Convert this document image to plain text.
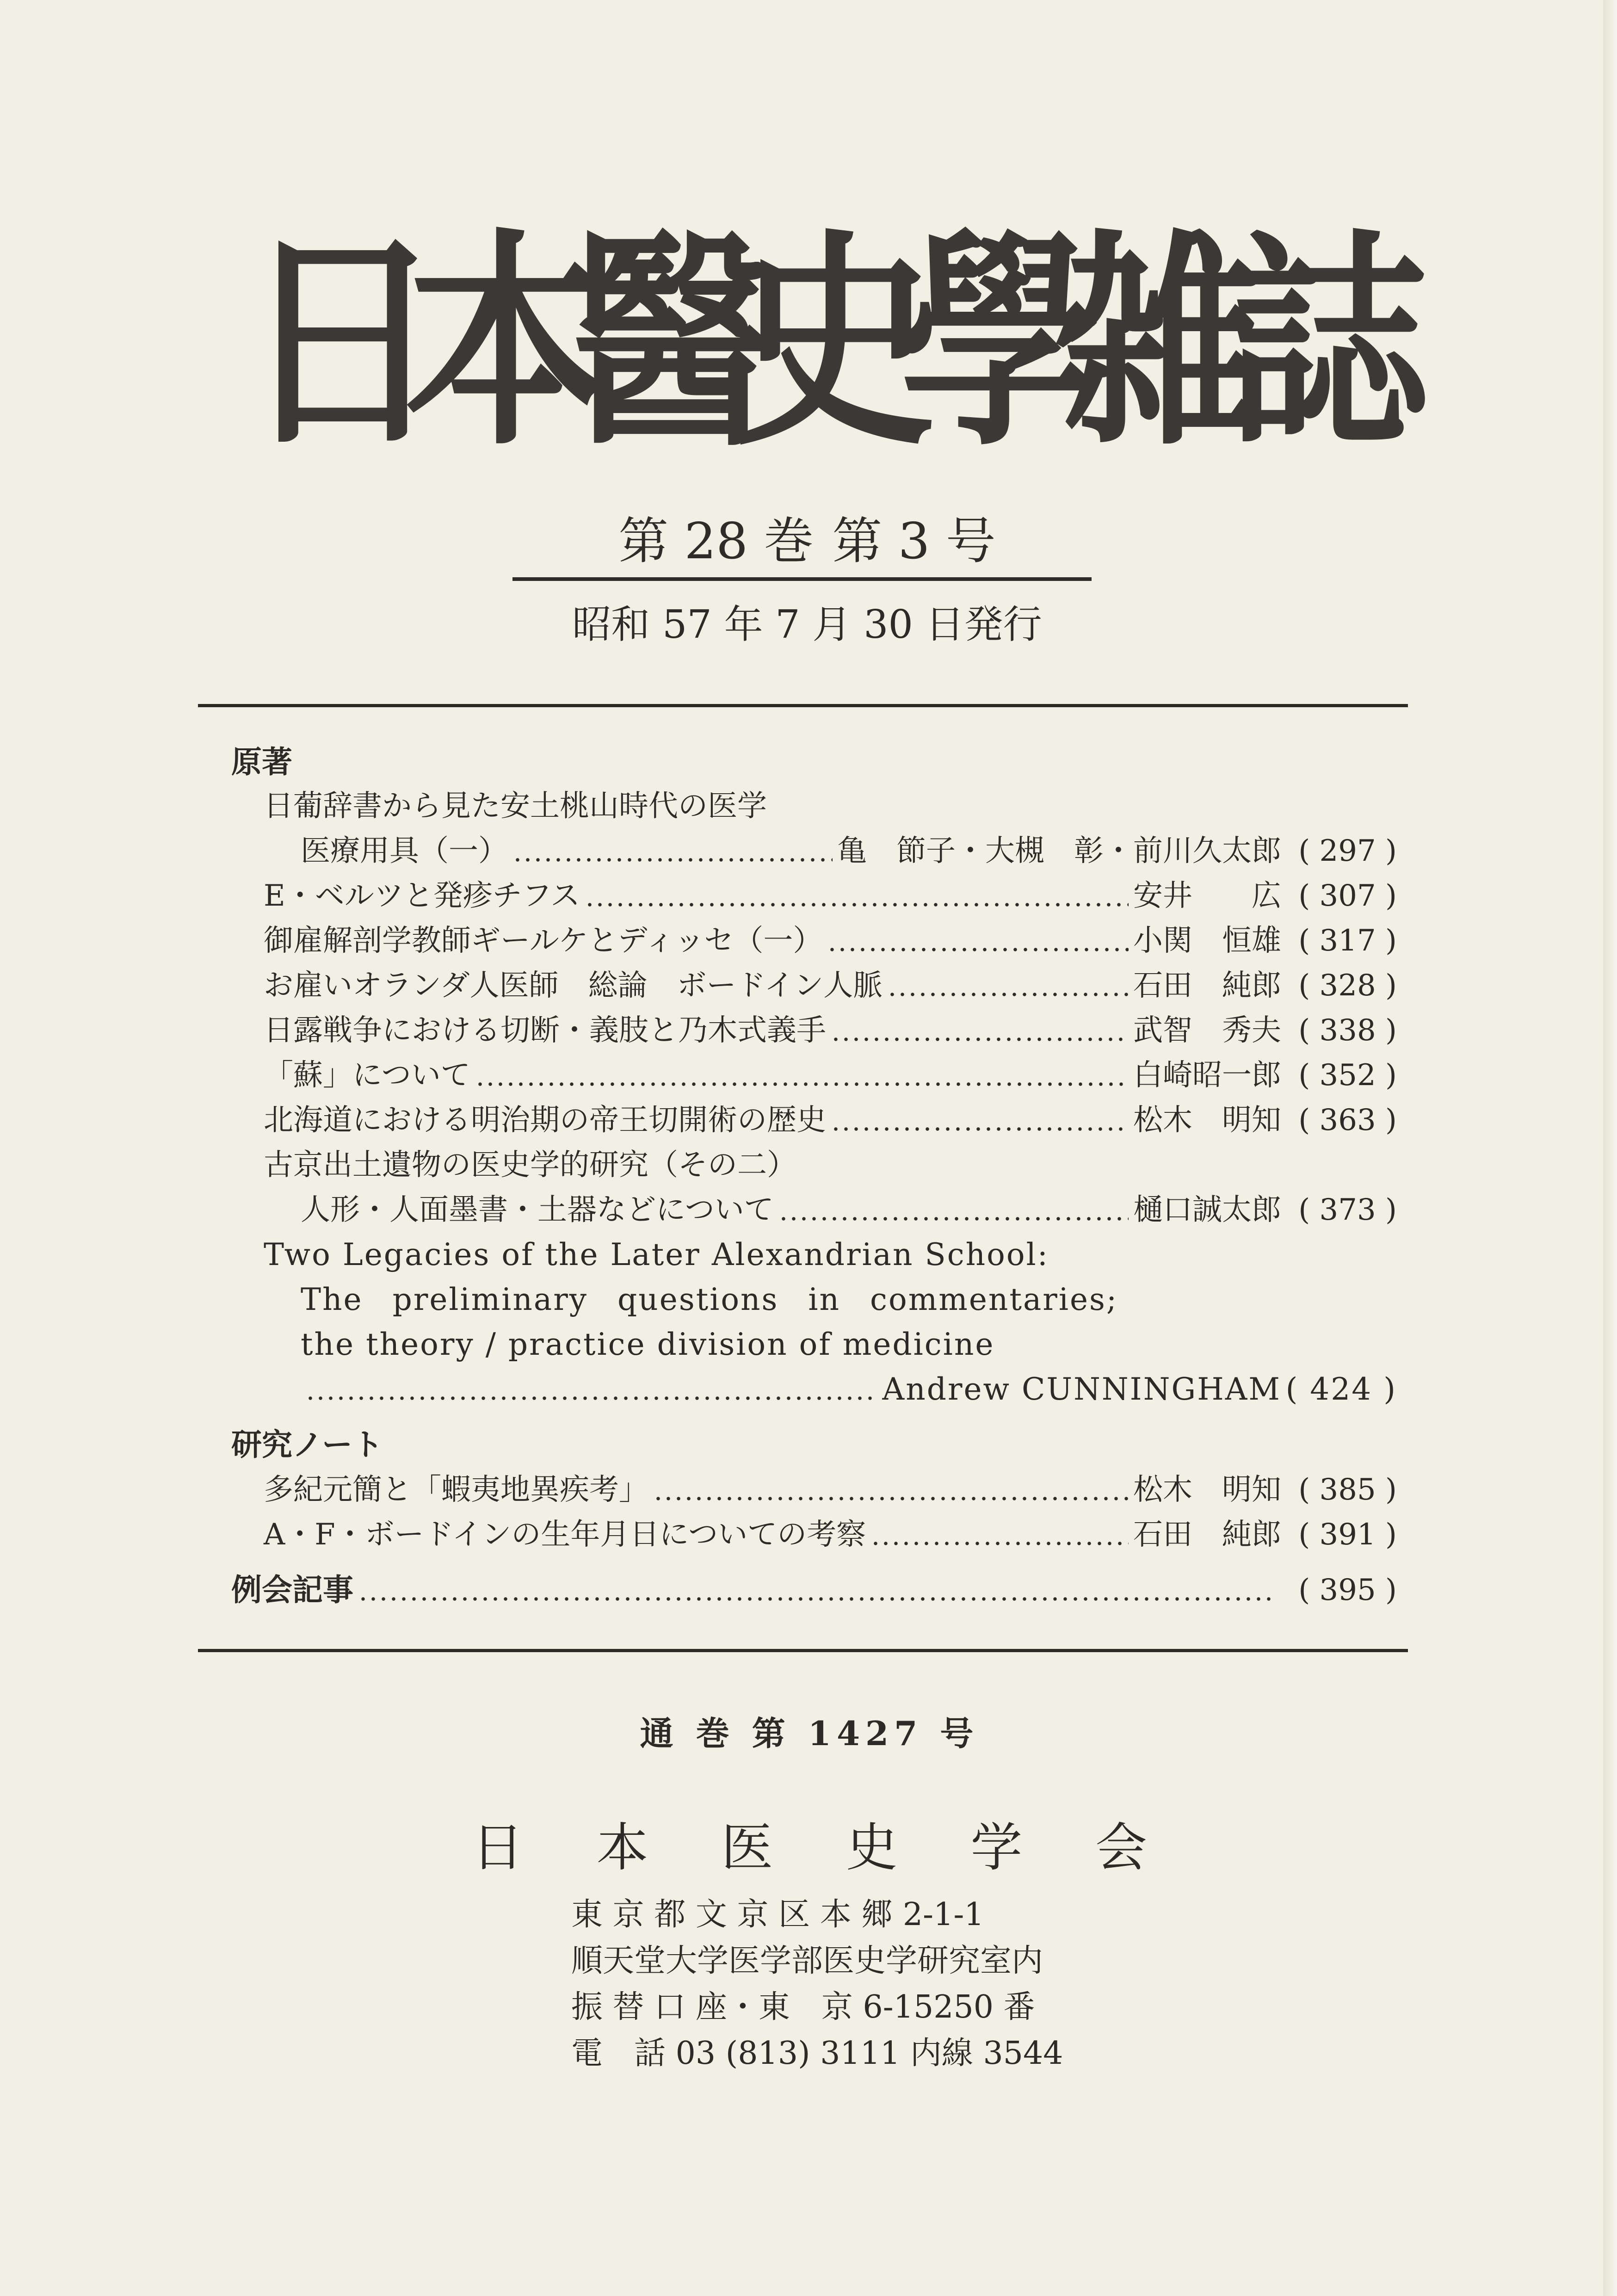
日
本
醫
史
學
雑
誌
第 28 巻 第 3 号
昭和 57 年 7 月 30 日発行
原著
日葡辞書から見た安土桃山時代の医学
医療用具（一）	亀　節子・大槻　彰・前川久太郎 ( 297 )
E・ベルツと発疹チフス	安井　　広 ( 307 )
御雇解剖学教師ギールケとディッセ（一）	小関　恒雄 ( 317 )
お雇いオランダ人医師　総論　ボードイン人脈	石田　純郎 ( 328 )
日露戦争における切断・義肢と乃木式義手	武智　秀夫 ( 338 )
「蘇」について	白崎昭一郎 ( 352 )
北海道における明治期の帝王切開術の歴史	松木　明知 ( 363 )
古京出土遺物の医史学的研究（その二）
人形・人面墨書・土器などについて	樋口誠太郎 ( 373 )
Two Legacies of the Later Alexandrian School:
The preliminary questions in commentaries;
the theory / practice division of medicine
Andrew CUNNINGHAM ( 424 )
研究ノート
多紀元簡と「蝦夷地異疾考」	松木　明知 ( 385 )
A・F・ボードインの生年月日についての考察	石田　純郎 ( 391 )
例会記事	( 395 )
通 巻 第 1427 号
日 本 医 史 学 会
東 京 都 文 京 区 本 郷 2-1-1
順天堂大学医学部医史学研究室内
振 替 口 座・東　京 6-15250 番
電　話 03 (813) 3111 内線 3544
